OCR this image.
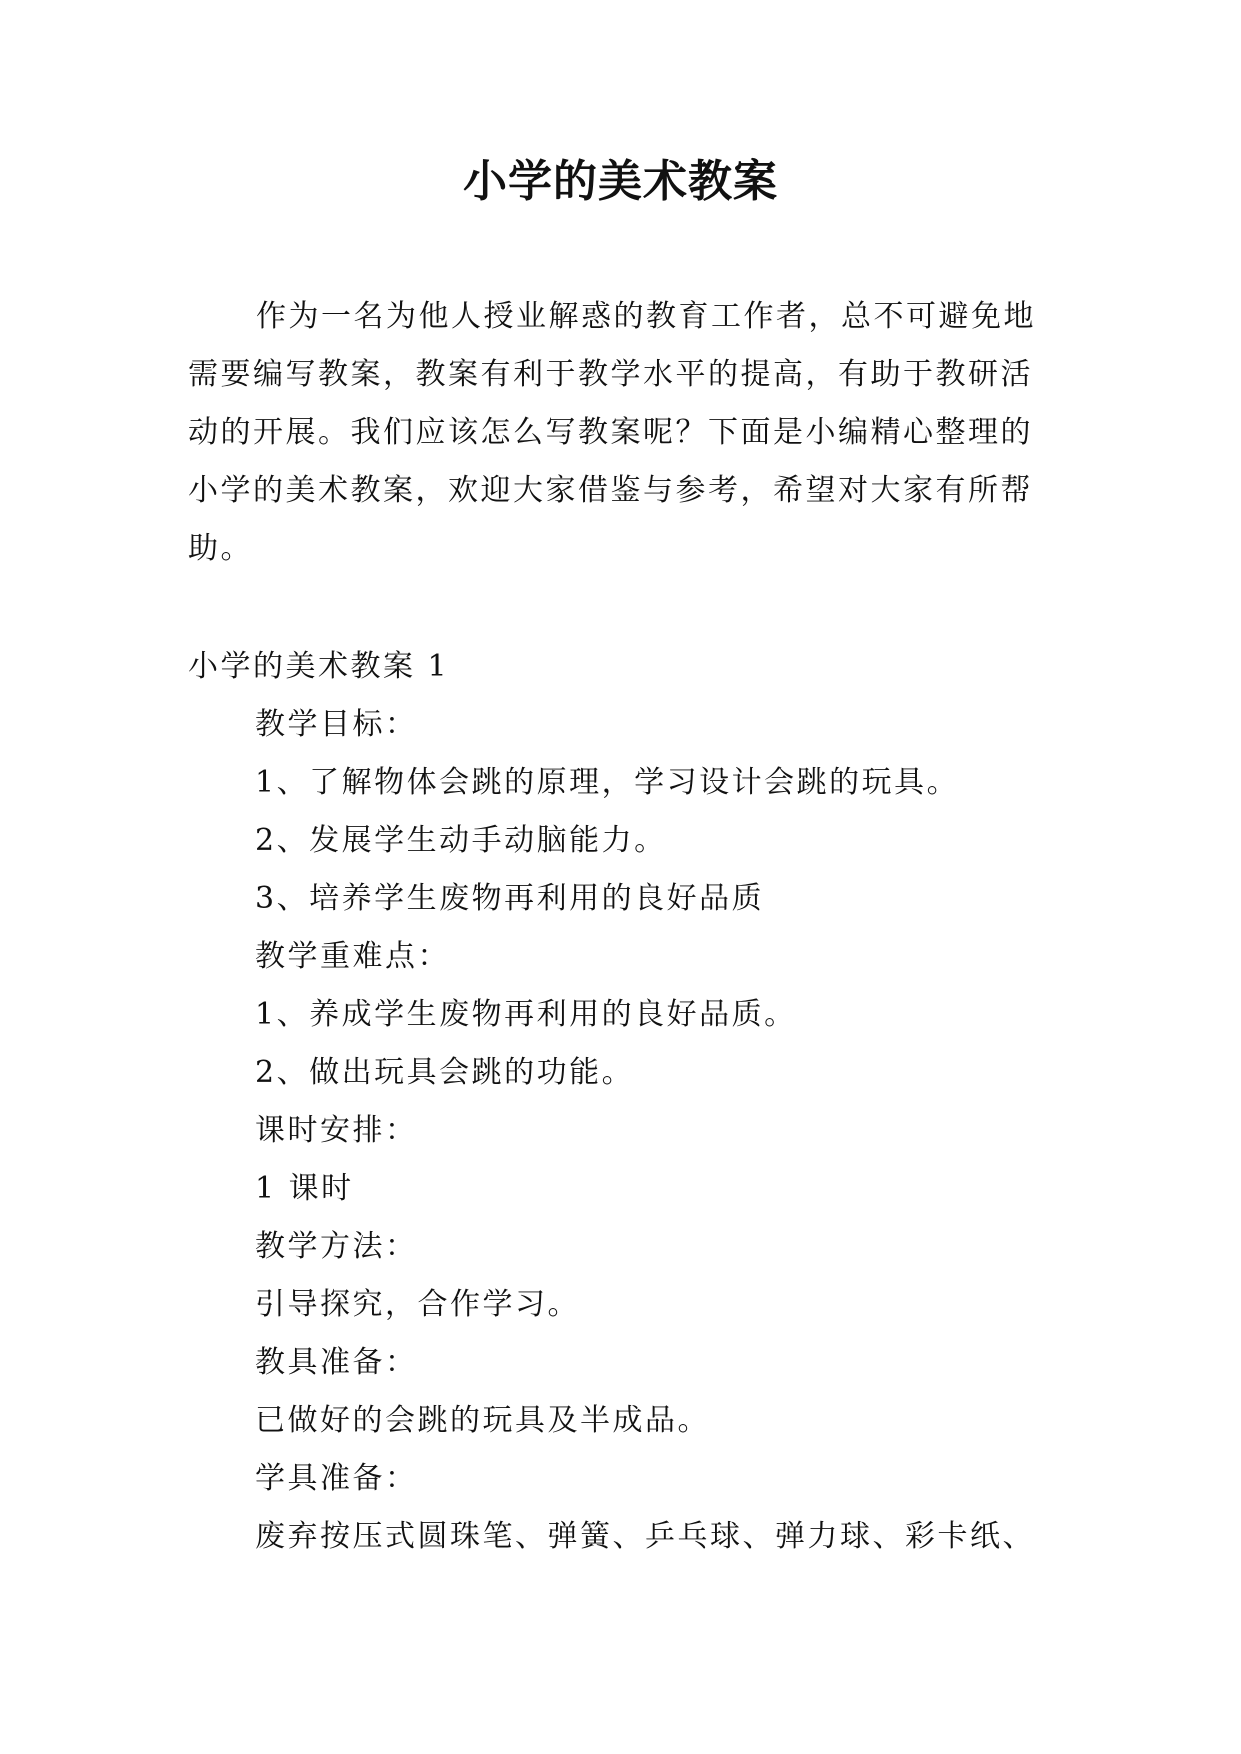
小学的美术教案

作为一名为他人授业解惑的教育工作者，总不可避免地需要编写教案，教案有利于教学水平的提高，有助于教研活动的开展。我们应该怎么写教案呢？下面是小编精心整理的小学的美术教案，欢迎大家借鉴与参考，希望对大家有所帮助。

小学的美术教案 1
教学目标：
1、了解物体会跳的原理，学习设计会跳的玩具。
2、发展学生动手动脑能力。
3、培养学生废物再利用的良好品质
教学重难点：
1、养成学生废物再利用的良好品质。
2、做出玩具会跳的功能。
课时安排：
1 课时
教学方法：
引导探究，合作学习。
教具准备：
已做好的会跳的玩具及半成品。
学具准备：
废弃按压式圆珠笔、弹簧、乒乓球、弹力球、彩卡纸、
